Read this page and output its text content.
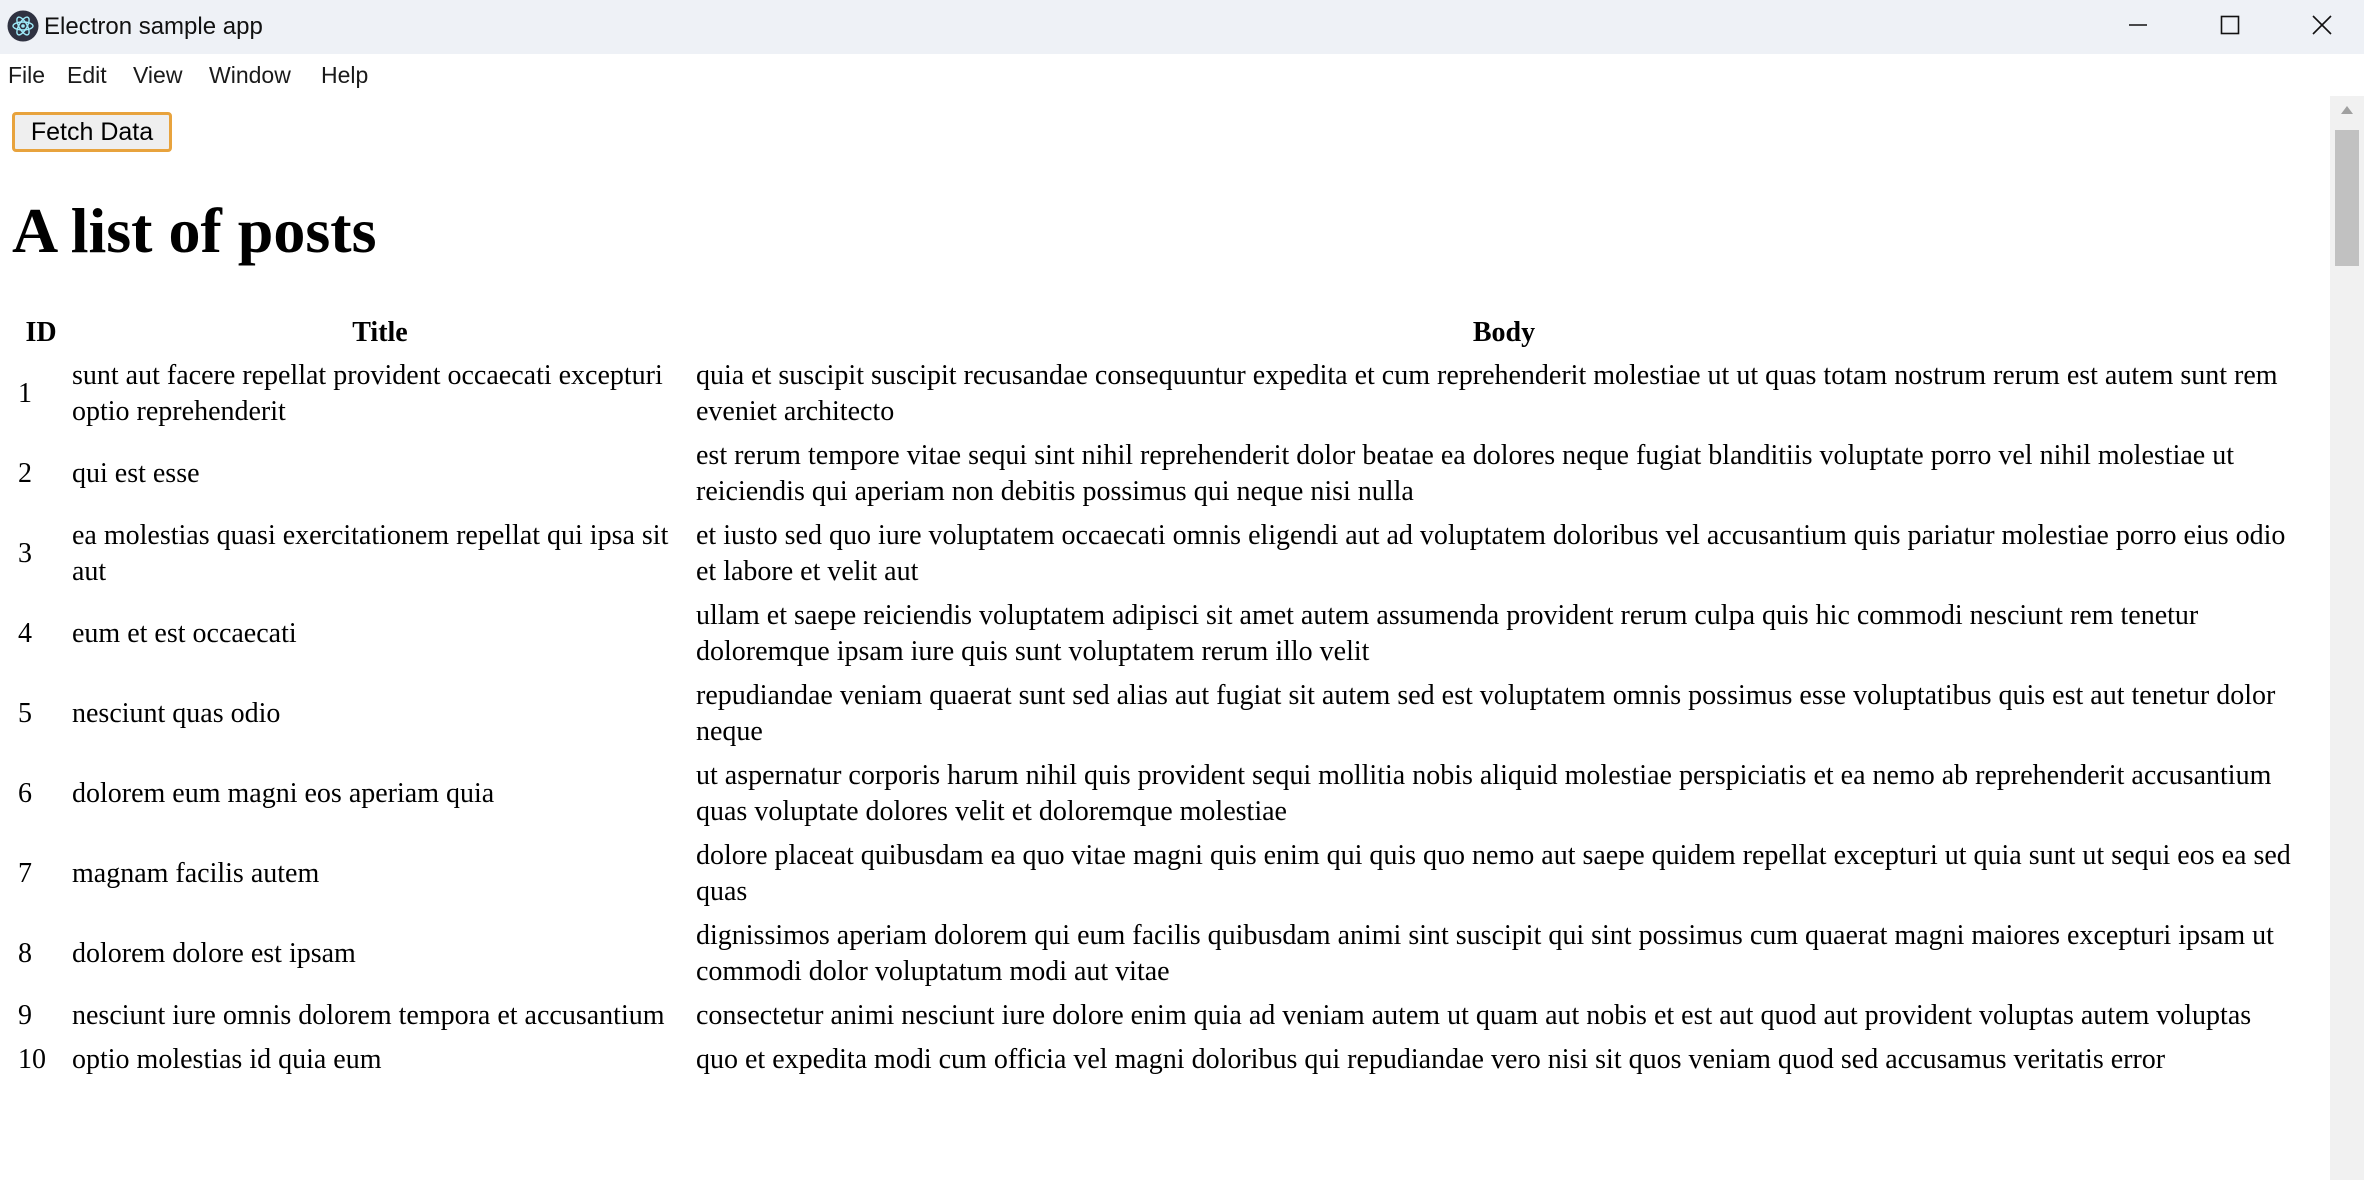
Electron sample app
File Edit View Window Help
Fetch Data
A list of posts
ID	Title	Body
1	sunt aut facere repellat provident occaecati excepturi optio reprehenderit	quia et suscipit suscipit recusandae consequuntur expedita et cum reprehenderit molestiae ut ut quas totam nostrum rerum est autem sunt rem eveniet architecto
2	qui est esse	est rerum tempore vitae sequi sint nihil reprehenderit dolor beatae ea dolores neque fugiat blanditiis voluptate porro vel nihil molestiae ut reiciendis qui aperiam non debitis possimus qui neque nisi nulla
3	ea molestias quasi exercitationem repellat qui ipsa sit aut	et iusto sed quo iure voluptatem occaecati omnis eligendi aut ad voluptatem doloribus vel accusantium quis pariatur molestiae porro eius odio et labore et velit aut
4	eum et est occaecati	ullam et saepe reiciendis voluptatem adipisci sit amet autem assumenda provident rerum culpa quis hic commodi nesciunt rem tenetur doloremque ipsam iure quis sunt voluptatem rerum illo velit
5	nesciunt quas odio	repudiandae veniam quaerat sunt sed alias aut fugiat sit autem sed est voluptatem omnis possimus esse voluptatibus quis est aut tenetur dolor neque
6	dolorem eum magni eos aperiam quia	ut aspernatur corporis harum nihil quis provident sequi mollitia nobis aliquid molestiae perspiciatis et ea nemo ab reprehenderit accusantium quas voluptate dolores velit et doloremque molestiae
7	magnam facilis autem	dolore placeat quibusdam ea quo vitae magni quis enim qui quis quo nemo aut saepe quidem repellat excepturi ut quia sunt ut sequi eos ea sed quas
8	dolorem dolore est ipsam	dignissimos aperiam dolorem qui eum facilis quibusdam animi sint suscipit qui sint possimus cum quaerat magni maiores excepturi ipsam ut commodi dolor voluptatum modi aut vitae
9	nesciunt iure omnis dolorem tempora et accusantium	consectetur animi nesciunt iure dolore enim quia ad veniam autem ut quam aut nobis et est aut quod aut provident voluptas autem voluptas
10	optio molestias id quia eum	quo et expedita modi cum officia vel magni doloribus qui repudiandae vero nisi sit quos veniam quod sed accusamus veritatis error
